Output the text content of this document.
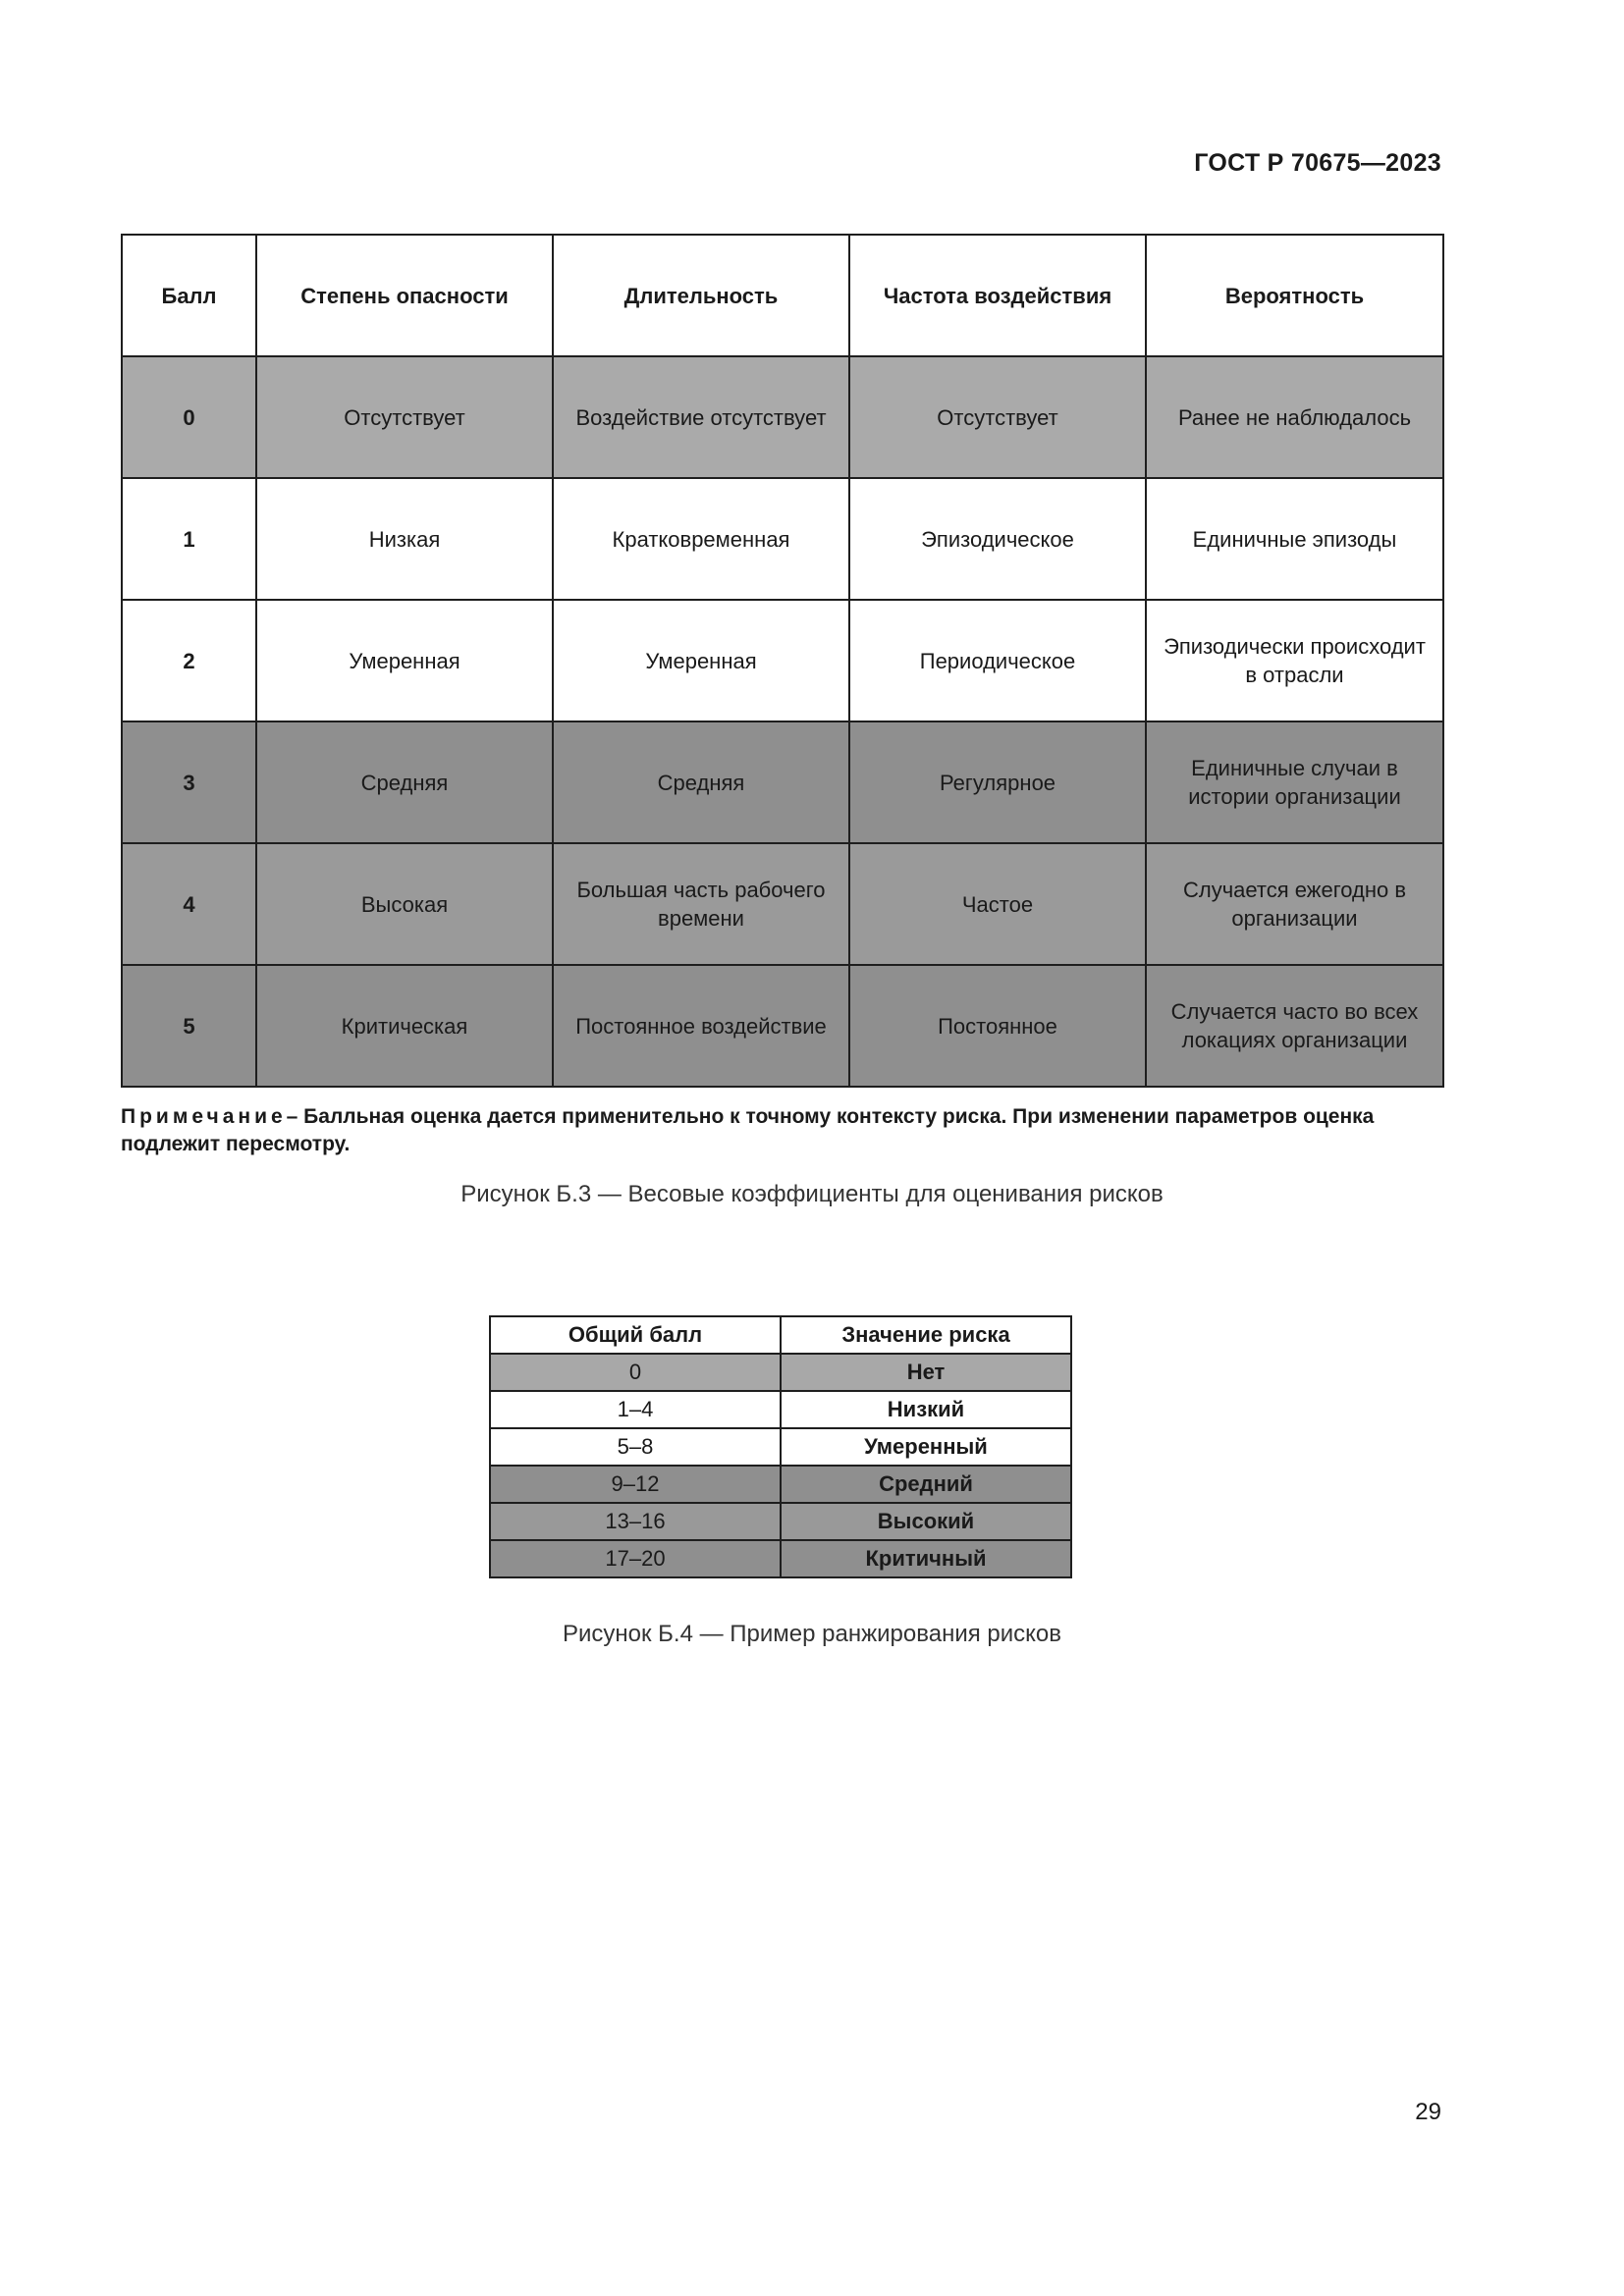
ГОСТ Р 70675—2023
Балл	Степень опасности	Длительность	Частота воздействия	Вероятность
0	Отсутствует	Воздействие отсутствует	Отсутствует	Ранее не наблюдалось
1	Низкая	Кратковременная	Эпизодическое	Единичные эпизоды
2	Умеренная	Умеренная	Периодическое	Эпизодически происходит в отрасли
3	Средняя	Средняя	Регулярное	Единичные случаи в истории организации
4	Высокая	Большая часть рабочего времени	Частое	Случается ежегодно в организации
5	Критическая	Постоянное воздействие	Постоянное	Случается часто во всех локациях организации
Примечание– Балльная оценка дается применительно к точному контексту риска. При изменении параметров оценка подлежит пересмотру.
Рисунок Б.3 — Весовые коэффициенты для оценивания рисков
Общий балл	Значение риска
0	Нет
1–4	Низкий
5–8	Умеренный
9–12	Средний
13–16	Высокий
17–20	Критичный
Рисунок Б.4 — Пример ранжирования рисков
29
